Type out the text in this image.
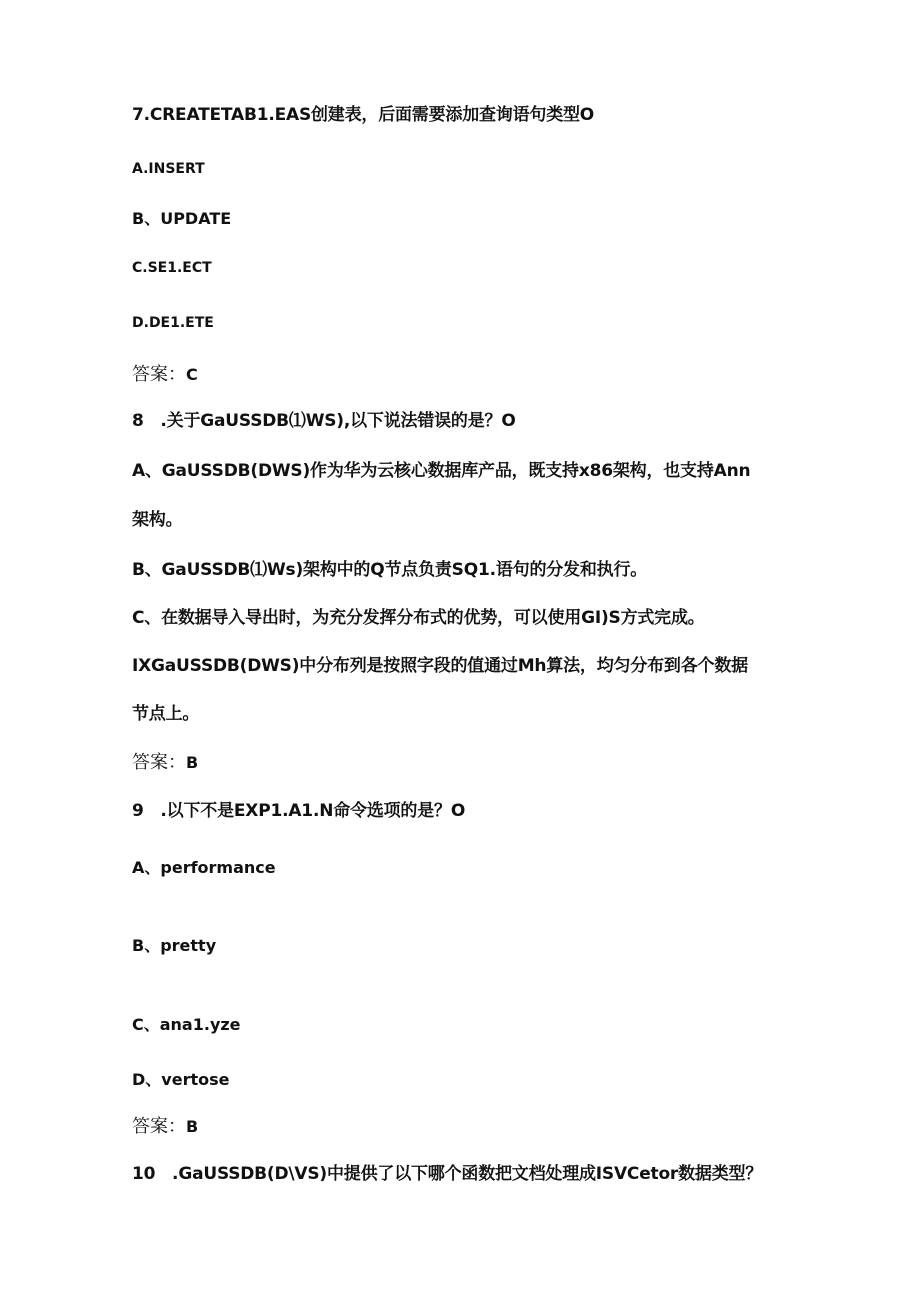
7.CREATETAB1.EAS创建表，后面需要添加查询语句类型O
A.INSERT
B、UPDATE
C.SE1.ECT
D.DE1.ETE
答案：C
8　.关于GaUSSDB⑴WS),以下说法错误的是？O
A、GaUSSDB(DWS)作为华为云核心数据库产品，既支持x86架构，也支持Ann
架构。
B、GaUSSDB⑴Ws)架构中的Q节点负责SQ1.语句的分发和执行。
C、在数据导入导出时，为充分发挥分布式的优势，可以使用GI)S方式完成。
IXGaUSSDB(DWS)中分布列是按照字段的值通过Mh算法，均匀分布到各个数据
节点上。
答案：B
9　.以下不是EXP1.A1.N命令选项的是？O
A、performance
B、pretty
C、ana1.yze
D、vertose
答案：B
10　.GaUSSDB(D\VS)中提供了以下哪个函数把文档处理成ISVCetor数据类型？
